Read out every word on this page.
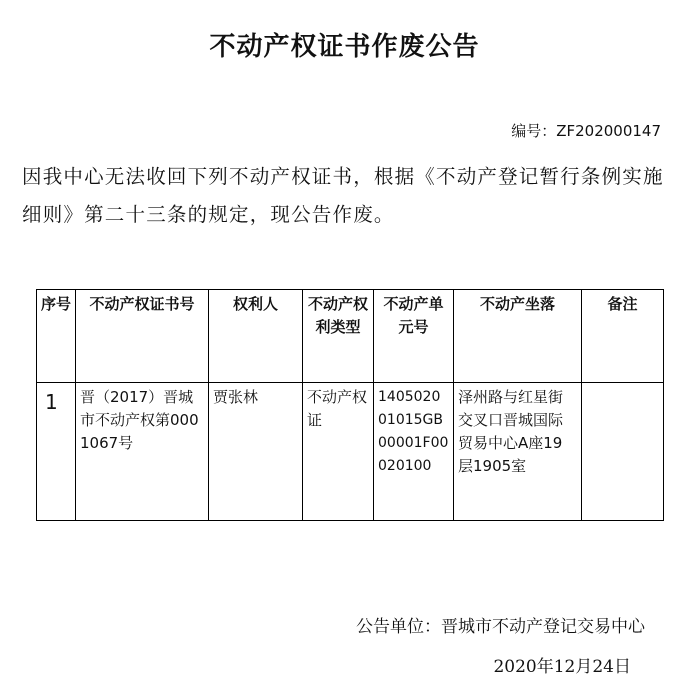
不动产权证书作废公告
编号：ZF202000147
因我中心无法收回下列不动产权证书，根据《不动产登记暂行条例实施细则》第二十三条的规定，现公告作废。
序号	不动产权证书号	权利人	不动产权利类型	不动产单元号	不动产坐落	备注
1	晋（2017）晋城市不动产权第0001067号	贾张林	不动产权证	140502001015GB00001F00020100	泽州路与红星街交叉口晋城国际贸易中心A座19层1905室	
公告单位：晋城市不动产登记交易中心
2020年12月24日
